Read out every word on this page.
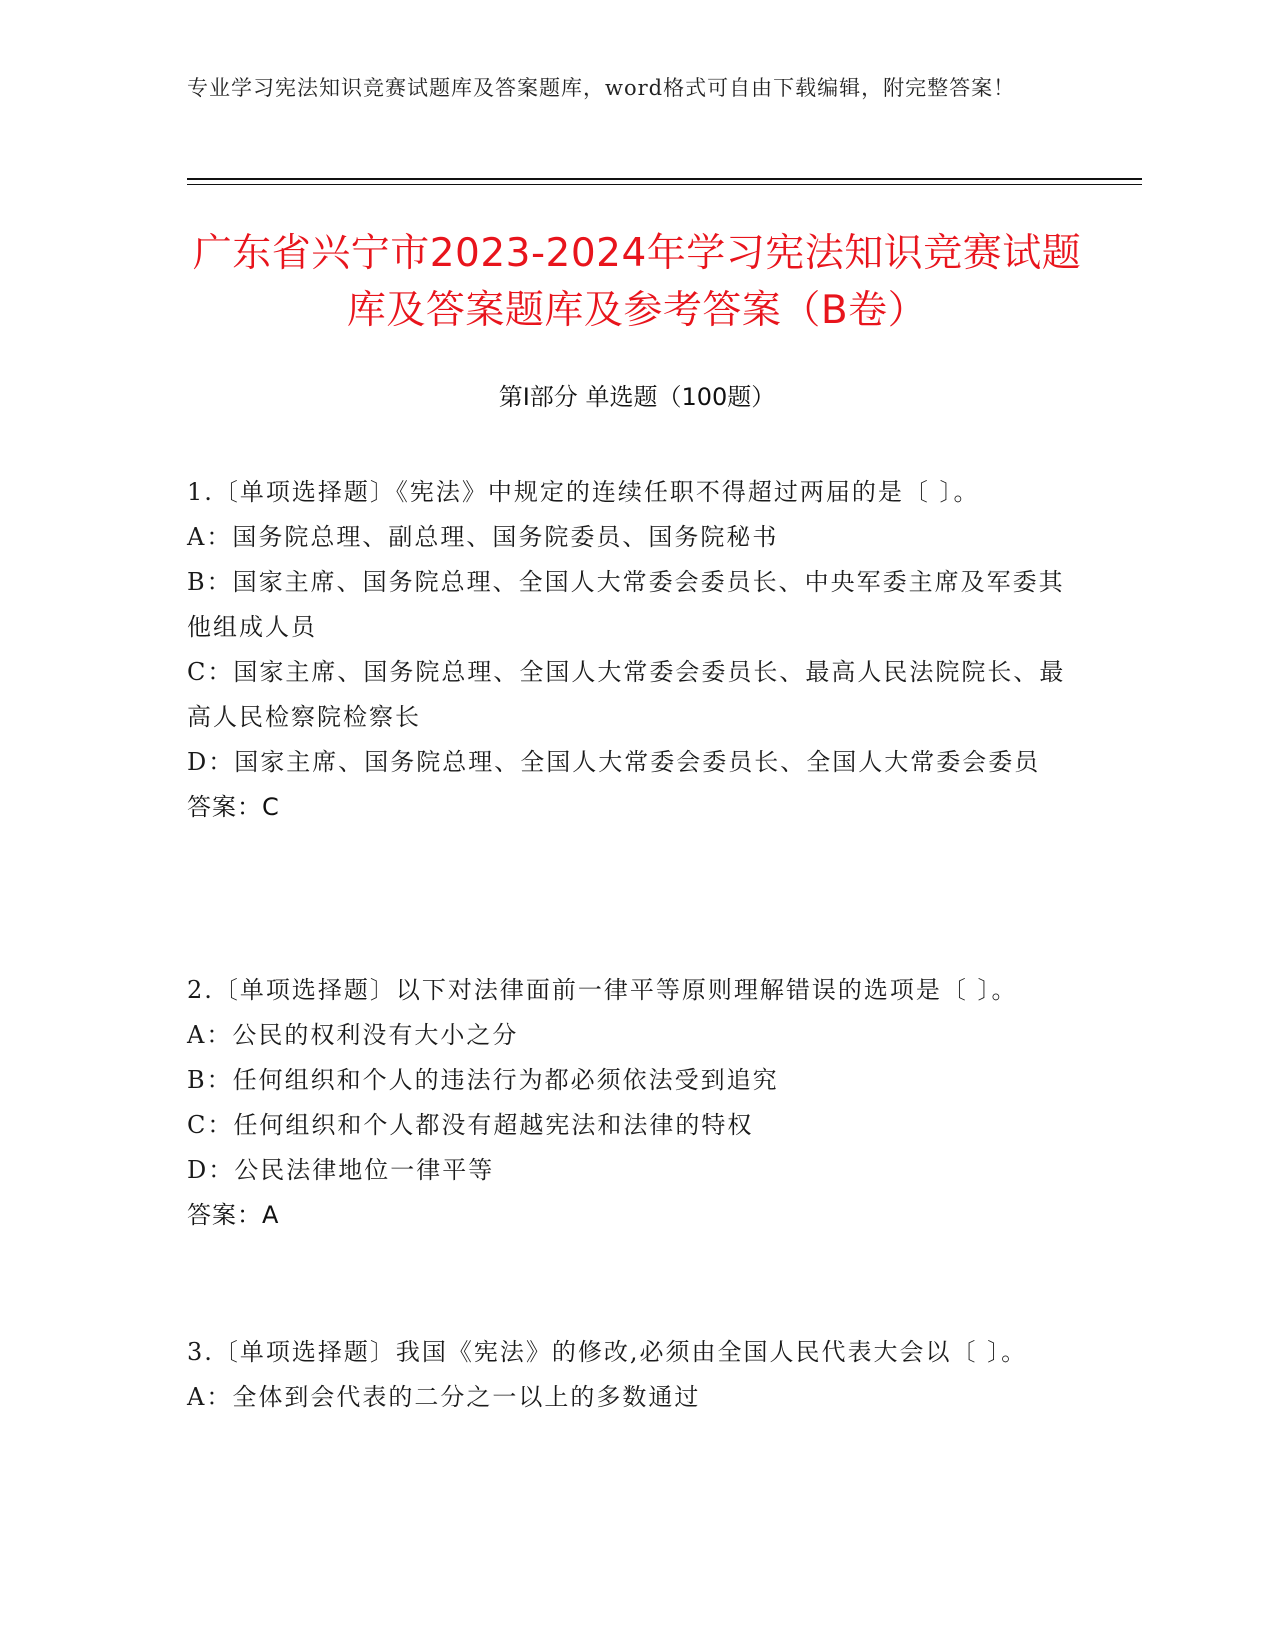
专业学习宪法知识竞赛试题库及答案题库，word格式可自由下载编辑，附完整答案！
广东省兴宁市2023-2024年学习宪法知识竞赛试题库及答案题库及参考答案（B卷）
第Ⅰ部分 单选题（100题）

1.〔单项选择题〕《宪法》中规定的连续任职不得超过两届的是〔 〕。

A：国务院总理、副总理、国务院委员、国务院秘书

B：国家主席、国务院总理、全国人大常委会委员长、中央军委主席及军委其他组成人员

C：国家主席、国务院总理、全国人大常委会委员长、最高人民法院院长、最高人民检察院检察长

D：国家主席、国务院总理、全国人大常委会委员长、全国人大常委会委员

答案：C

2.〔单项选择题〕以下对法律面前一律平等原则理解错误的选项是〔 〕。

A：公民的权利没有大小之分

B：任何组织和个人的违法行为都必须依法受到追究

C：任何组织和个人都没有超越宪法和法律的特权

D：公民法律地位一律平等

答案：A

3.〔单项选择题〕我国《宪法》的修改,必须由全国人民代表大会以〔 〕。

A：全体到会代表的二分之一以上的多数通过
